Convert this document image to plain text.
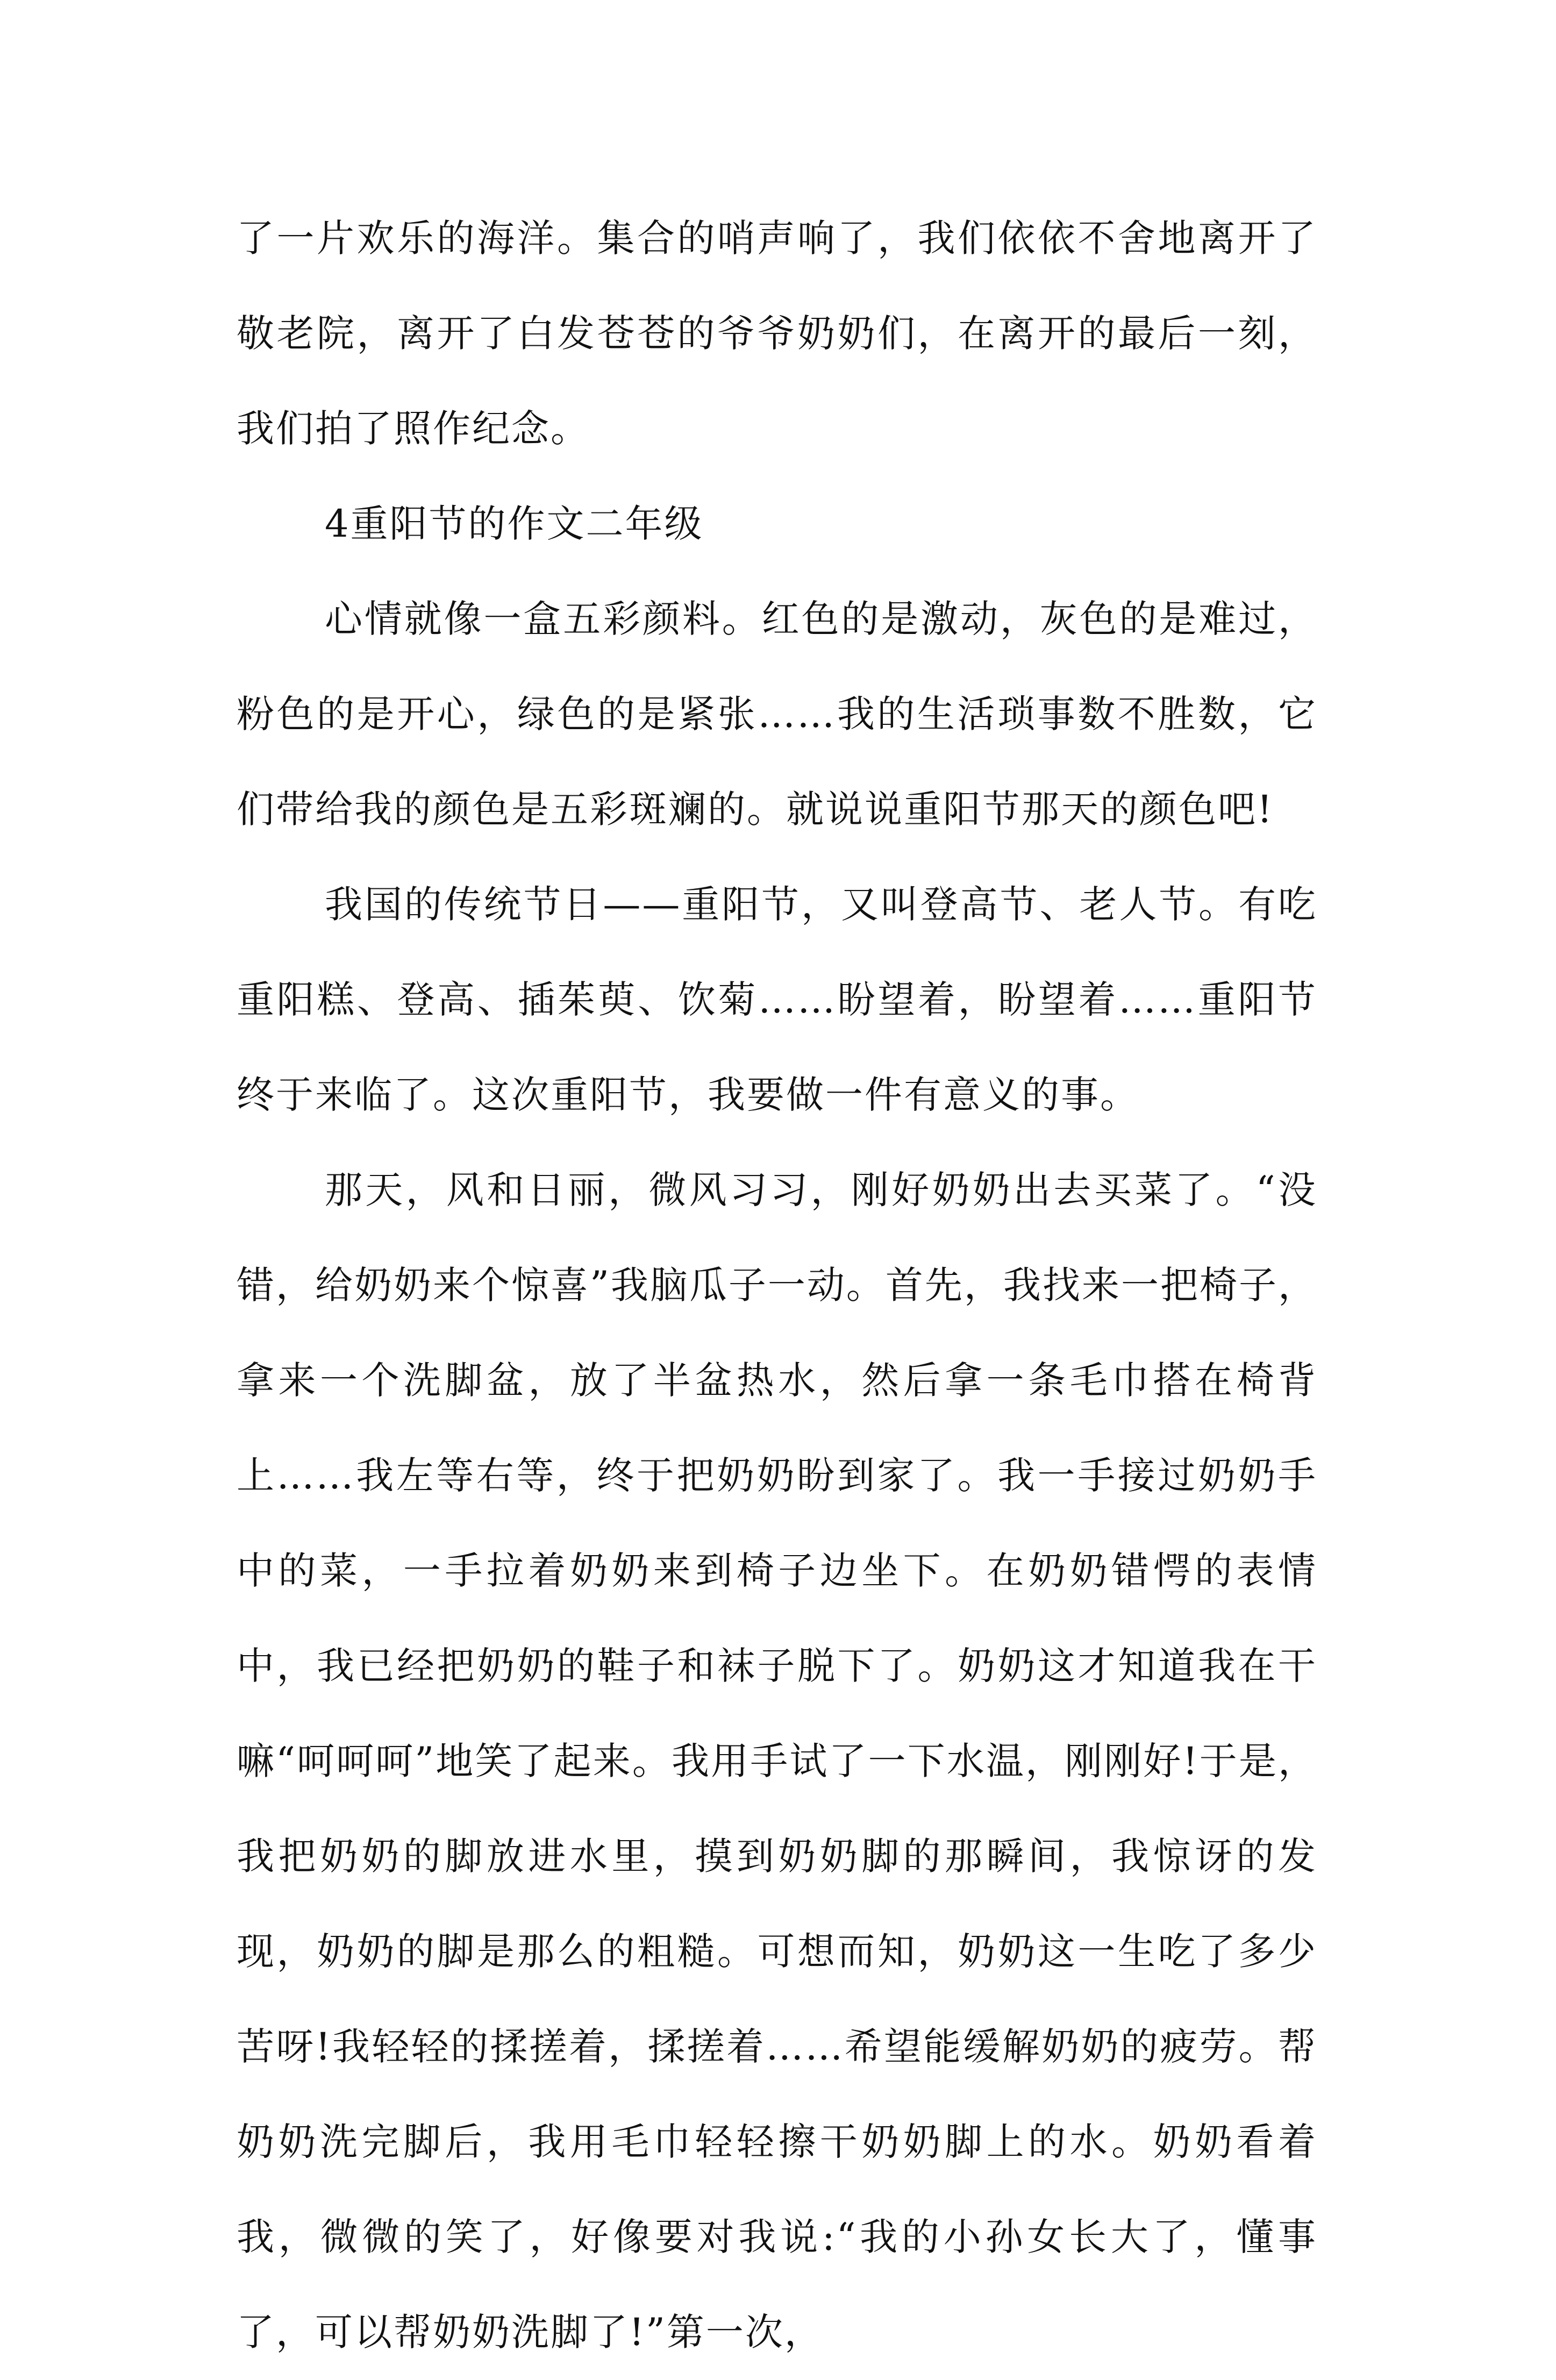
了一片欢乐的海洋。集合的哨声响了，我们依依不舍地离开了敬老院，离开了白发苍苍的爷爷奶奶们，在离开的最后一刻，我们拍了照作纪念。

4重阳节的作文二年级

心情就像一盒五彩颜料。红色的是激动，灰色的是难过，粉色的是开心，绿色的是紧张……我的生活琐事数不胜数，它们带给我的颜色是五彩斑斓的。就说说重阳节那天的颜色吧!

我国的传统节日——重阳节，又叫登高节、老人节。有吃重阳糕、登高、插茱萸、饮菊……盼望着，盼望着……重阳节终于来临了。这次重阳节，我要做一件有意义的事。

那天，风和日丽，微风习习，刚好奶奶出去买菜了。“没错，给奶奶来个惊喜”我脑瓜子一动。首先，我找来一把椅子，拿来一个洗脚盆，放了半盆热水，然后拿一条毛巾搭在椅背上……我左等右等，终于把奶奶盼到家了。我一手接过奶奶手中的菜，一手拉着奶奶来到椅子边坐下。在奶奶错愕的表情中，我已经把奶奶的鞋子和袜子脱下了。奶奶这才知道我在干嘛“呵呵呵”地笑了起来。我用手试了一下水温，刚刚好!于是，我把奶奶的脚放进水里，摸到奶奶脚的那瞬间，我惊讶的发现，奶奶的脚是那么的粗糙。可想而知，奶奶这一生吃了多少苦呀!我轻轻的揉搓着，揉搓着……希望能缓解奶奶的疲劳。帮奶奶洗完脚后，我用毛巾轻轻擦干奶奶脚上的水。奶奶看着我，微微的笑了，好像要对我说:“我的小孙女长大了，懂事了，可以帮奶奶洗脚了!”第一次，
